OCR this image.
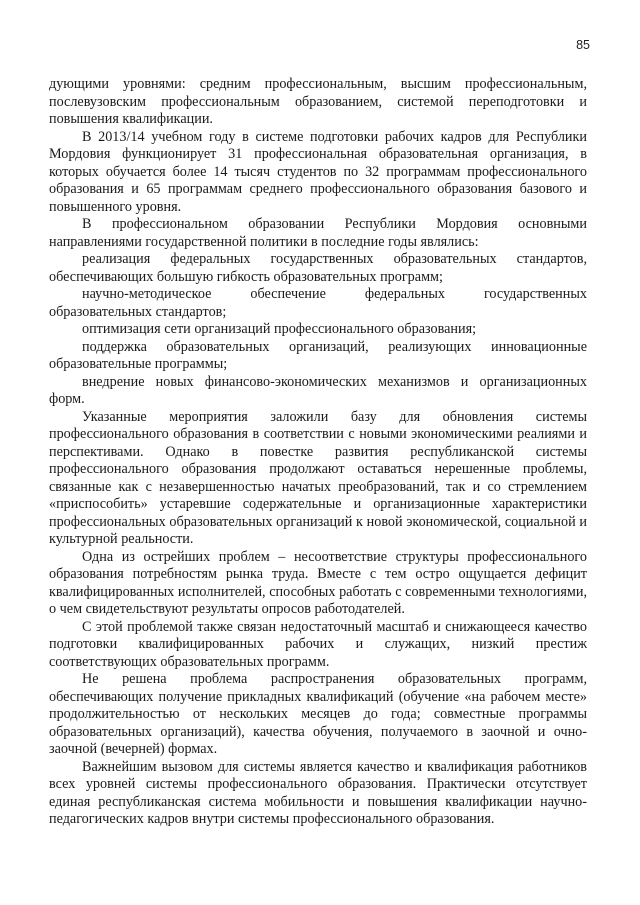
85

дующими уровнями: средним профессиональным, высшим профессиональным, послевузовским профессиональным образованием, системой переподготовки и повышения квалификации.

В 2013/14 учебном году в системе подготовки рабочих кадров для Республики Мордовия функционирует 31 профессиональная образовательная организация, в которых обучается более 14 тысяч студентов по 32 программам профессионального образования и 65 программам среднего профессионального образования базового и повышенного уровня.

В профессиональном образовании Республики Мордовия основными направлениями государственной политики в последние годы являлись:

реализация федеральных государственных образовательных стандартов, обеспечивающих большую гибкость образовательных программ;

научно-методическое обеспечение федеральных государственных образовательных стандартов;

оптимизация сети организаций профессионального образования;

поддержка образовательных организаций, реализующих инновационные образовательные программы;

внедрение новых финансово-экономических механизмов и организационных форм.

Указанные мероприятия заложили базу для обновления системы профессионального образования в соответствии с новыми экономическими реалиями и перспективами. Однако в повестке развития республиканской системы профессионального образования продолжают оставаться нерешенные проблемы, связанные как с незавершенностью начатых преобразований, так и со стремлением «приспособить» устаревшие содержательные и организационные характеристики профессиональных образовательных организаций к новой экономической, социальной и культурной реальности.

Одна из острейших проблем – несоответствие структуры профессионального образования потребностям рынка труда. Вместе с тем остро ощущается дефицит квалифицированных исполнителей, способных работать с современными технологиями, о чем свидетельствуют результаты опросов работодателей.

С этой проблемой также связан недостаточный масштаб и снижающееся качество подготовки квалифицированных рабочих и служащих, низкий престиж соответствующих образовательных программ.

Не решена проблема распространения образовательных программ, обеспечивающих получение прикладных квалификаций (обучение «на рабочем месте» продолжительностью от нескольких месяцев до года; совместные программы образовательных организаций), качества обучения, получаемого в заочной и очно-заочной (вечерней) формах.

Важнейшим вызовом для системы является качество и квалификация работников всех уровней системы профессионального образования. Практически отсутствует единая республиканская система мобильности и повышения квалификации научно-педагогических кадров внутри системы профессионального образования.
